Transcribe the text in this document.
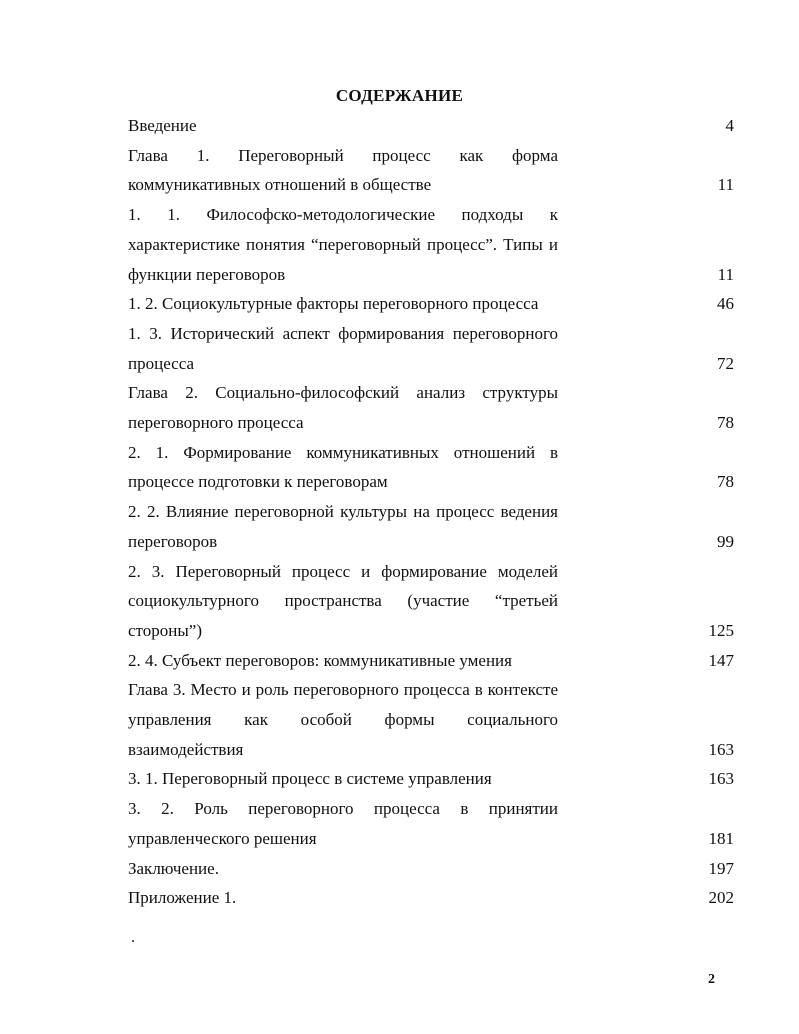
СОДЕРЖАНИЕ
Введение	4
Глава 1. Переговорный процесс как форма коммуникативных отношений в обществе	11
1. 1. Философско-методологические подходы к характеристике понятия “переговорный процесс”. Типы и функции переговоров	11
1. 2. Социокультурные факторы переговорного процесса	46
1. 3. Исторический аспект формирования переговорного процесса	72
Глава 2. Социально-философский анализ структуры переговорного процесса	78
2. 1. Формирование коммуникативных отношений в процессе подготовки к переговорам	78
2. 2. Влияние переговорной культуры на процесс ведения переговоров	99
2. 3. Переговорный процесс и формирование моделей социокультурного пространства (участие “третьей стороны”)	125
2. 4. Субъект переговоров: коммуникативные умения	147
Глава 3. Место и роль переговорного процесса в контексте управления как особой формы социального взаимодействия	163
3. 1. Переговорный процесс в системе управления	163
3. 2. Роль переговорного процесса в принятии управленческого решения	181
Заключение.	197
Приложение 1.	202
.
2
